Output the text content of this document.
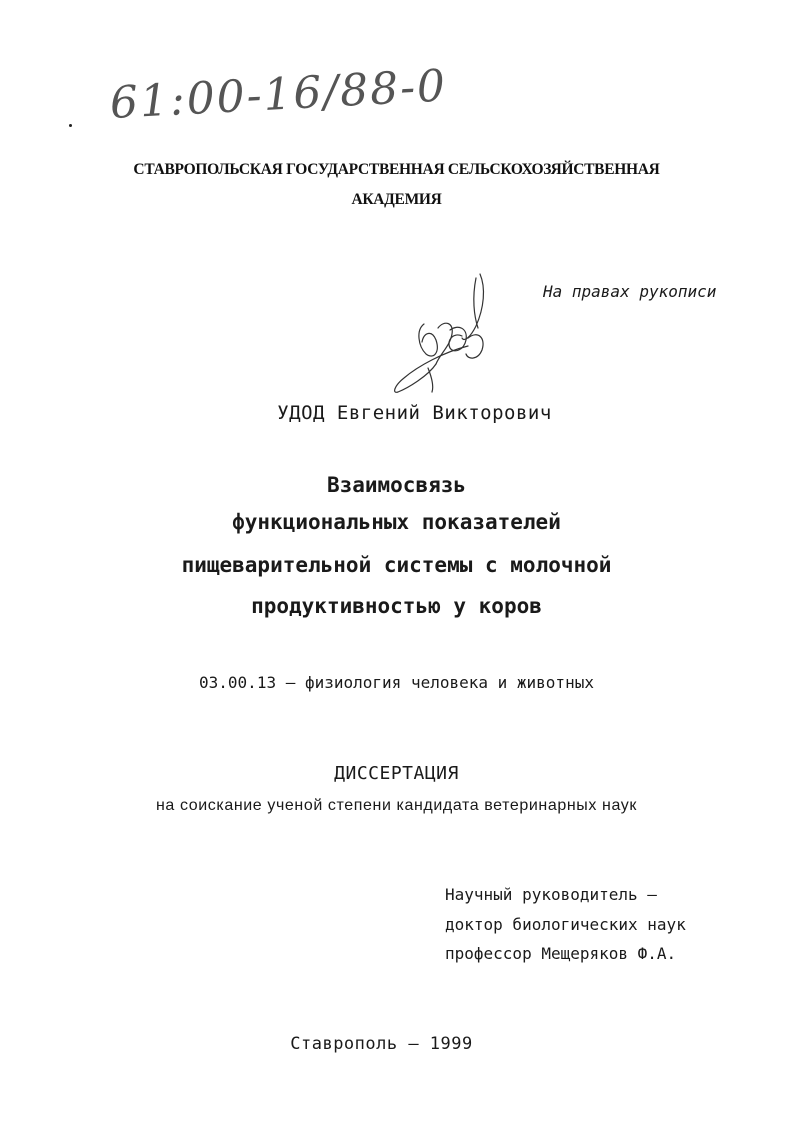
61:00-16/88-0
СТАВРОПОЛЬСКАЯ ГОСУДАРСТВЕННАЯ СЕЛЬСКОХОЗЯЙСТВЕННАЯ
АКАДЕМИЯ
На правах рукописи
УДОД Евгений Викторович
Взаимосвязь
функциональных показателей
пищеварительной системы с молочной
продуктивностью у коров
03.00.13 – физиология человека и животных
ДИССЕРТАЦИЯ
на соискание ученой степени кандидата ветеринарных наук
Научный руководитель –
доктор биологических наук
профессор Мещеряков Ф.А.
Ставрополь – 1999
